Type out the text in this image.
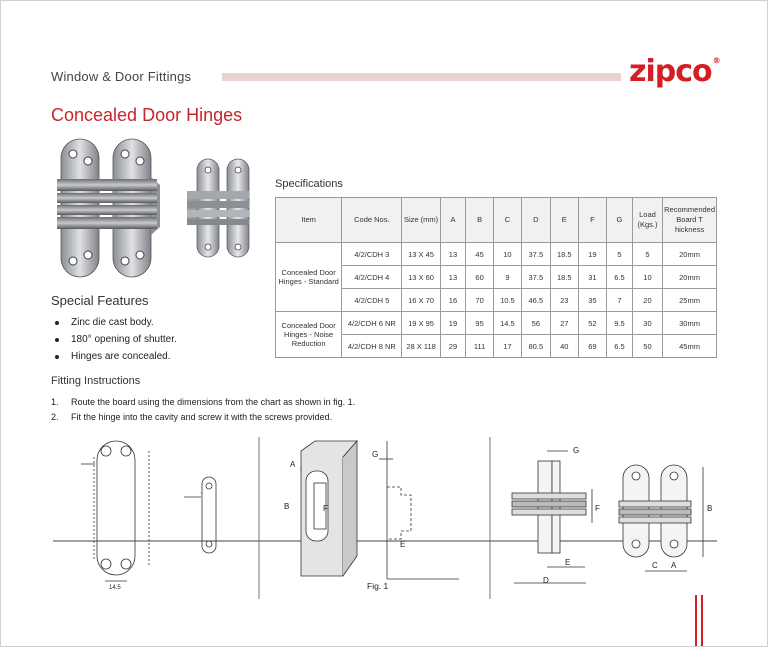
Window & Door Fittings	zipco®
Concealed Door Hinges
Specifications
Item	Code Nos.	Size (mm)	A	B	C	D	E	F	G	Load (Kgs.)	Recommended Board T hickness
Concealed Door Hinges - Standard	4/2/CDH 3	13 X 45	13	45	10	37.5	18.5	19	5	5	20mm
	4/2/CDH 4	13 X 60	13	60	9	37.5	18.5	31	6.5	10	20mm
	4/2/CDH 5	16 X 70	16	70	10.5	46.5	23	35	7	20	25mm
Concealed Door Hinges - Noise Reduction	4/2/CDH 6 NR	19 X 95	19	95	14.5	56	27	52	9.5	30	30mm
	4/2/CDH 8 NR	28 X 118	29	111	17	80.5	40	69	6.5	50	45mm
Special Features
Zinc die cast body.
180° opening of shutter.
Hinges are concealed.
Fitting Instructions
1. Route the board using the dimensions from the chart as shown in fig. 1.
2. Fit the hinge into the cavity and screw it with the screws provided.
14.5
A
B	F
G
E
Fig. 1
G
F
E
D
B
C A
